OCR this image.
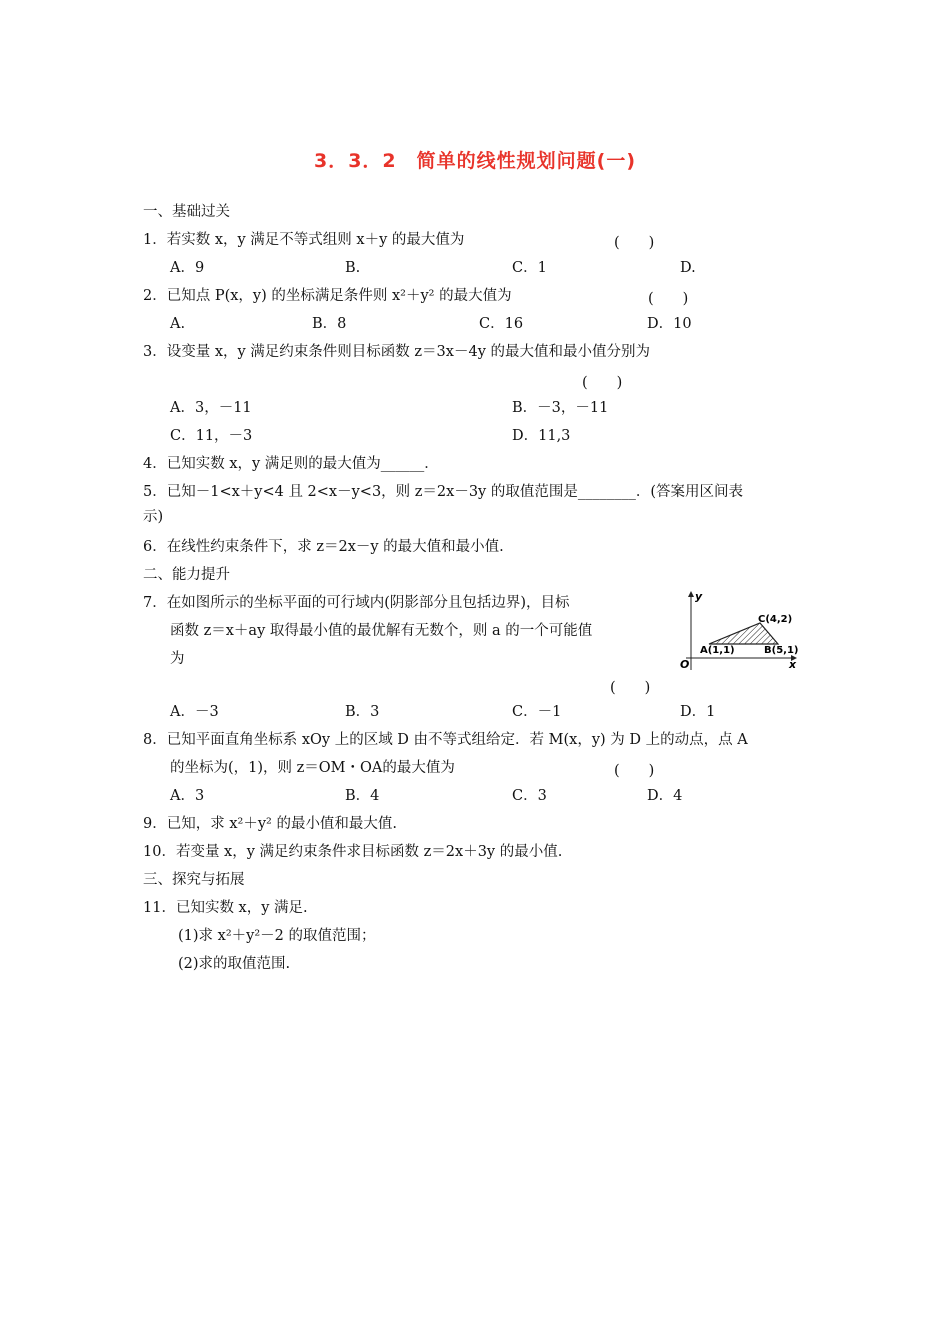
3．3．2　简单的线性规划问题(一)
一、基础过关
1．若实数 x，y 满足不等式组则 x＋y 的最大值为	(　　)
A．9	B.	C．1	D.
2．已知点 P(x，y) 的坐标满足条件则 x²＋y² 的最大值为	(　　)
A.	B．8	C．16	D．10
3．设变量 x，y 满足约束条件则目标函数 z＝3x－4y 的最大值和最小值分别为
(　　)
A．3，－11	B．－3，－11
C．11，－3	D．11,3
4．已知实数 x，y 满足则的最大值为______．
5．已知－1<x＋y<4 且 2<x－y<3，则 z＝2x－3y 的取值范围是________．(答案用区间表
示)
6．在线性约束条件下，求 z＝2x－y 的最大值和最小值.
二、能力提升
7．在如图所示的坐标平面的可行域内(阴影部分且包括边界)，目标
函数 z＝x＋ay 取得最小值的最优解有无数个，则 a 的一个可能值
为
(　　)
y
x
O
A(1,1)	B(5,1)
C(4,2)
A．－3	B．3	C．－1	D．1
8．已知平面直角坐标系 xOy 上的区域 D 由不等式组给定．若 M(x，y) 为 D 上的动点，点 A
的坐标为(，1)，则 z＝OM・OA的最大值为	(　　)
A．3	B．4	C．3	D．4
9．已知，求 x²＋y² 的最小值和最大值.
10．若变量 x，y 满足约束条件求目标函数 z＝2x＋3y 的最小值.
三、探究与拓展
11．已知实数 x，y 满足.
(1)求 x²＋y²－2 的取值范围；
(2)求的取值范围.
